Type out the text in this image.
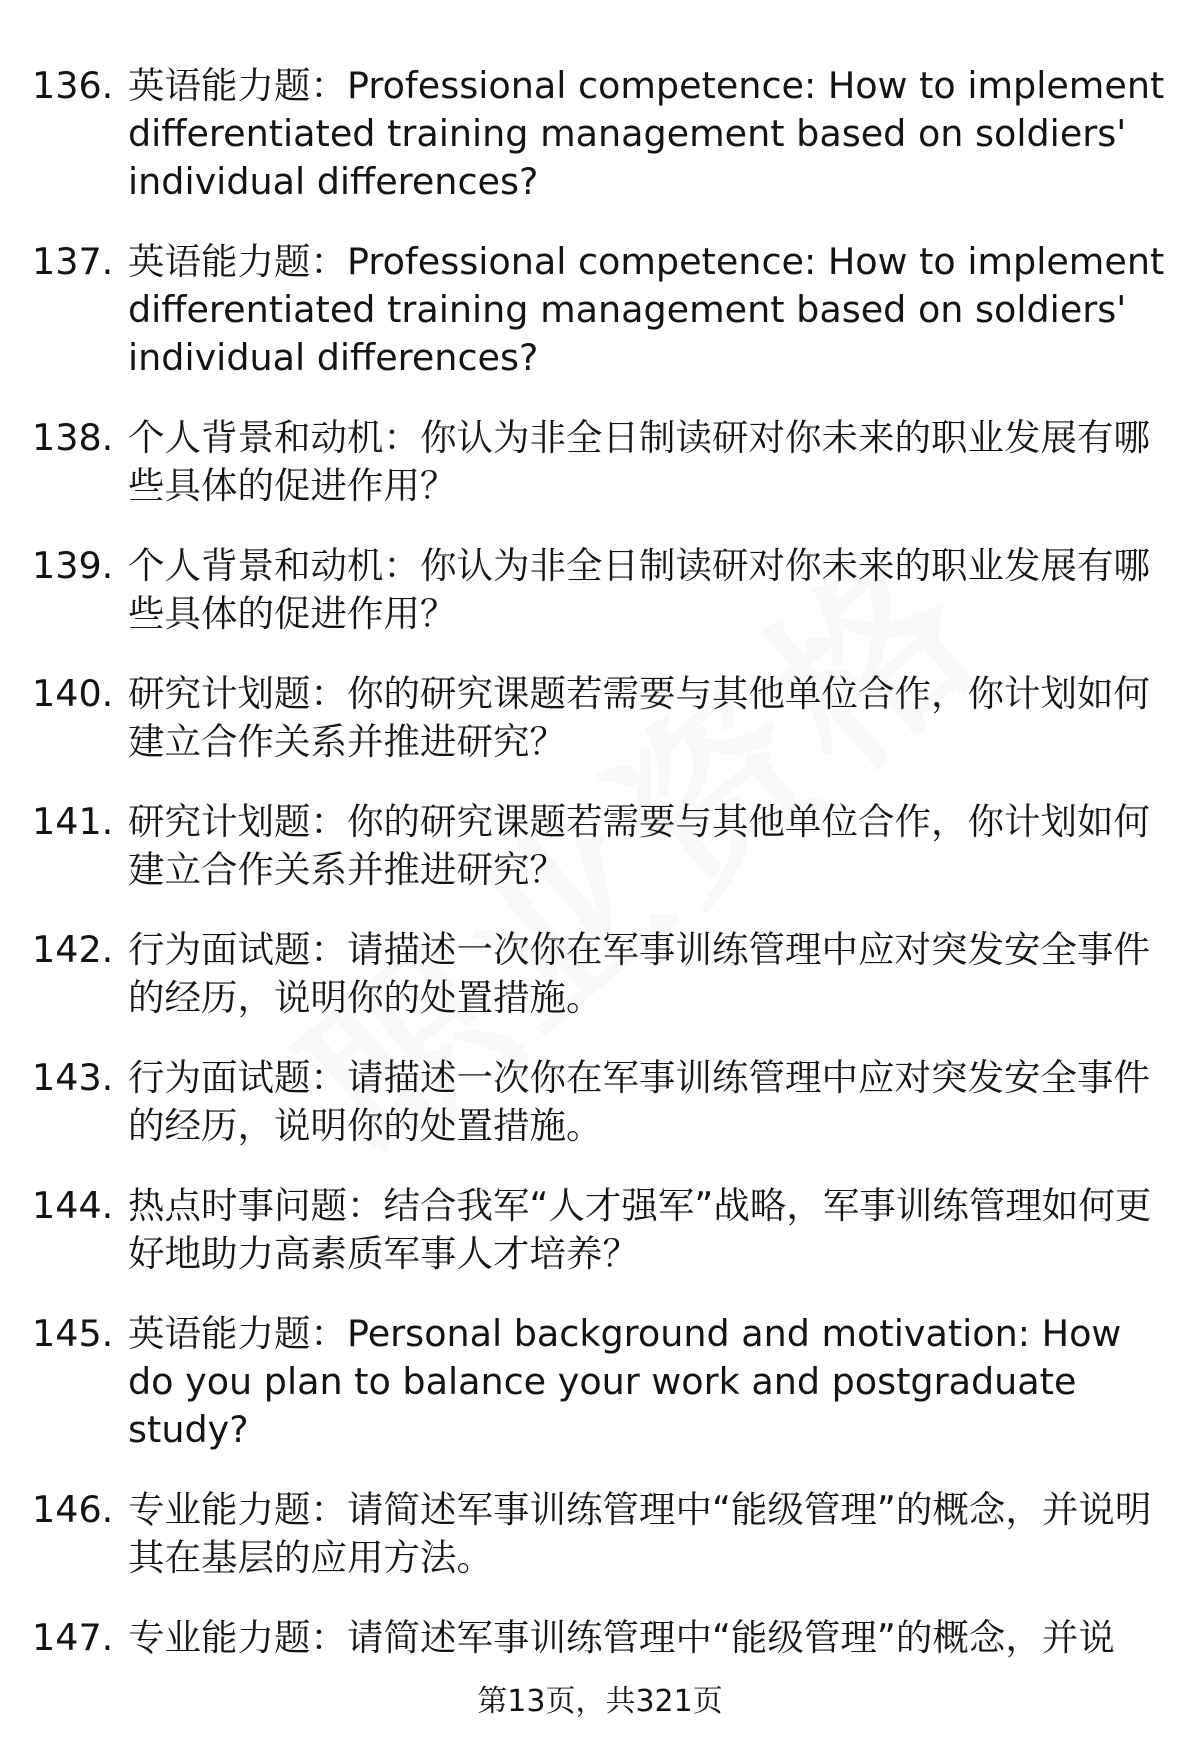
136. 英语能力题：Professional competence: How to implement differentiated training management based on soldiers' individual differences?
137. 英语能力题：Professional competence: How to implement differentiated training management based on soldiers' individual differences?
138. 个人背景和动机：你认为非全日制读研对你未来的职业发展有哪些具体的促进作用？
139. 个人背景和动机：你认为非全日制读研对你未来的职业发展有哪些具体的促进作用？
140. 研究计划题：你的研究课题若需要与其他单位合作，你计划如何建立合作关系并推进研究？
141. 研究计划题：你的研究课题若需要与其他单位合作，你计划如何建立合作关系并推进研究？
142. 行为面试题：请描述一次你在军事训练管理中应对突发安全事件的经历，说明你的处置措施。
143. 行为面试题：请描述一次你在军事训练管理中应对突发安全事件的经历，说明你的处置措施。
144. 热点时事问题：结合我军“人才强军”战略，军事训练管理如何更好地助力高素质军事人才培养？
145. 英语能力题：Personal background and motivation: How do you plan to balance your work and postgraduate study?
146. 专业能力题：请简述军事训练管理中“能级管理”的概念，并说明其在基层的应用方法。
147. 专业能力题：请简述军事训练管理中“能级管理”的概念，并说
第13页，共321页
